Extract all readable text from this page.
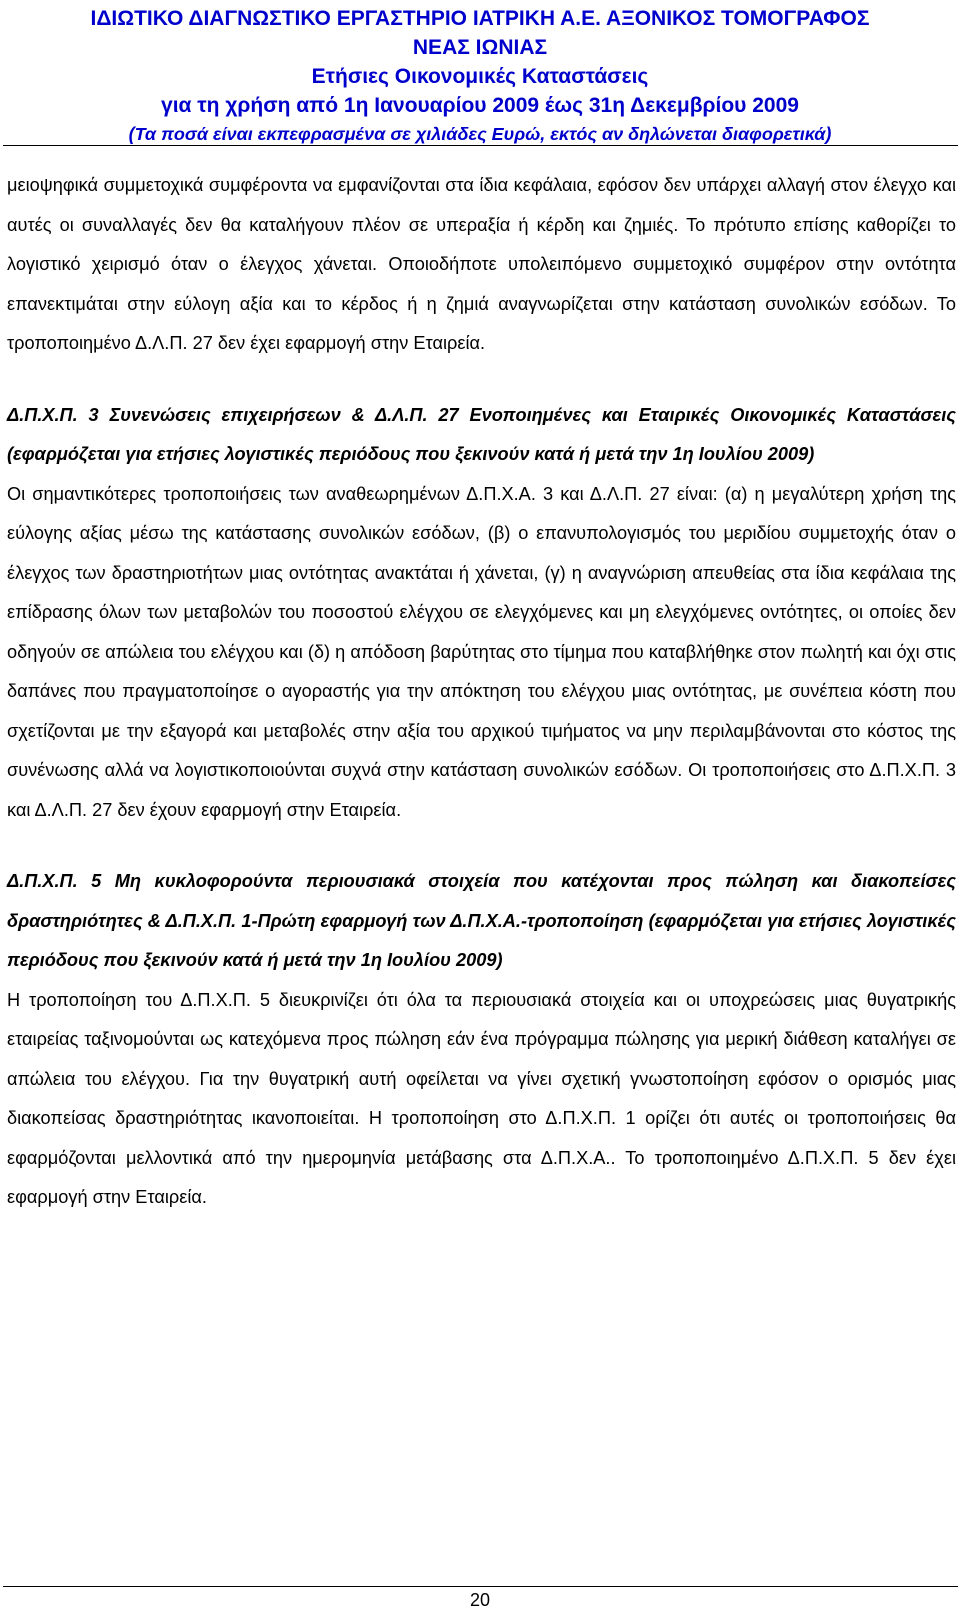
ΙΔΙΩΤΙΚΟ ΔΙΑΓΝΩΣΤΙΚΟ ΕΡΓΑΣΤΗΡΙΟ ΙΑΤΡΙΚΗ Α.Ε. ΑΞΟΝΙΚΟΣ ΤΟΜΟΓΡΑΦΟΣ
ΝΕΑΣ ΙΩΝΙΑΣ
Ετήσιες Οικονομικές Καταστάσεις
για τη χρήση από 1η Ιανουαρίου 2009 έως 31η Δεκεμβρίου 2009
(Τα ποσά είναι εκπεφρασμένα σε χιλιάδες Ευρώ, εκτός αν δηλώνεται διαφορετικά)

μειοψηφικά συμμετοχικά συμφέροντα να εμφανίζονται στα ίδια κεφάλαια, εφόσον δεν υπάρχει αλλαγή στον έλεγχο και αυτές οι συναλλαγές δεν θα καταλήγουν πλέον σε υπεραξία ή κέρδη και ζημιές. Το πρότυπο επίσης καθορίζει το λογιστικό χειρισμό όταν ο έλεγχος χάνεται. Οποιοδήποτε υπολειπόμενο συμμετοχικό συμφέρον στην οντότητα επανεκτιμάται στην εύλογη αξία και το κέρδος ή η ζημιά αναγνωρίζεται στην κατάσταση συνολικών εσόδων. Το τροποποιημένο Δ.Λ.Π. 27 δεν έχει εφαρμογή στην Εταιρεία.

Δ.Π.Χ.Π. 3 Συνενώσεις επιχειρήσεων & Δ.Λ.Π. 27 Ενοποιημένες και Εταιρικές Οικονομικές Καταστάσεις (εφαρμόζεται για ετήσιες λογιστικές περιόδους που ξεκινούν κατά ή μετά την 1η Ιουλίου 2009)

Οι σημαντικότερες τροποποιήσεις των αναθεωρημένων Δ.Π.Χ.Α. 3 και Δ.Λ.Π. 27 είναι: (α) η μεγαλύτερη χρήση της εύλογης αξίας μέσω της κατάστασης συνολικών εσόδων, (β) ο επανυπολογισμός του μεριδίου συμμετοχής όταν ο έλεγχος των δραστηριοτήτων μιας οντότητας ανακτάται ή χάνεται, (γ) η αναγνώριση απευθείας στα ίδια κεφάλαια της επίδρασης όλων των μεταβολών του ποσοστού ελέγχου σε ελεγχόμενες και μη ελεγχόμενες οντότητες, οι οποίες δεν οδηγούν σε απώλεια του ελέγχου και (δ) η απόδοση βαρύτητας στο τίμημα που καταβλήθηκε στον πωλητή και όχι στις δαπάνες που πραγματοποίησε ο αγοραστής για την απόκτηση του ελέγχου μιας οντότητας, με συνέπεια κόστη που σχετίζονται με την εξαγορά και μεταβολές στην αξία του αρχικού τιμήματος να μην περιλαμβάνονται στο κόστος της συνένωσης αλλά να λογιστικοποιούνται συχνά στην κατάσταση συνολικών εσόδων. Οι τροποποιήσεις στο Δ.Π.Χ.Π. 3 και Δ.Λ.Π. 27 δεν έχουν εφαρμογή στην Εταιρεία.

Δ.Π.Χ.Π. 5 Μη κυκλοφορούντα περιουσιακά στοιχεία που κατέχονται προς πώληση και διακοπείσες δραστηριότητες & Δ.Π.Χ.Π. 1-Πρώτη εφαρμογή των Δ.Π.Χ.Α.-τροποποίηση (εφαρμόζεται για ετήσιες λογιστικές περιόδους που ξεκινούν κατά ή μετά την 1η Ιουλίου 2009)

Η τροποποίηση του Δ.Π.Χ.Π. 5 διευκρινίζει ότι όλα τα περιουσιακά στοιχεία και οι υποχρεώσεις μιας θυγατρικής εταιρείας ταξινομούνται ως κατεχόμενα προς πώληση εάν ένα πρόγραμμα πώλησης για μερική διάθεση καταλήγει σε απώλεια του ελέγχου. Για την θυγατρική αυτή οφείλεται να γίνει σχετική γνωστοποίηση εφόσον ο ορισμός μιας διακοπείσας δραστηριότητας ικανοποιείται. Η τροποποίηση στο Δ.Π.Χ.Π. 1 ορίζει ότι αυτές οι τροποποιήσεις θα εφαρμόζονται μελλοντικά από την ημερομηνία μετάβασης στα Δ.Π.Χ.Α.. Το τροποποιημένο Δ.Π.Χ.Π. 5 δεν έχει εφαρμογή στην Εταιρεία.

20
